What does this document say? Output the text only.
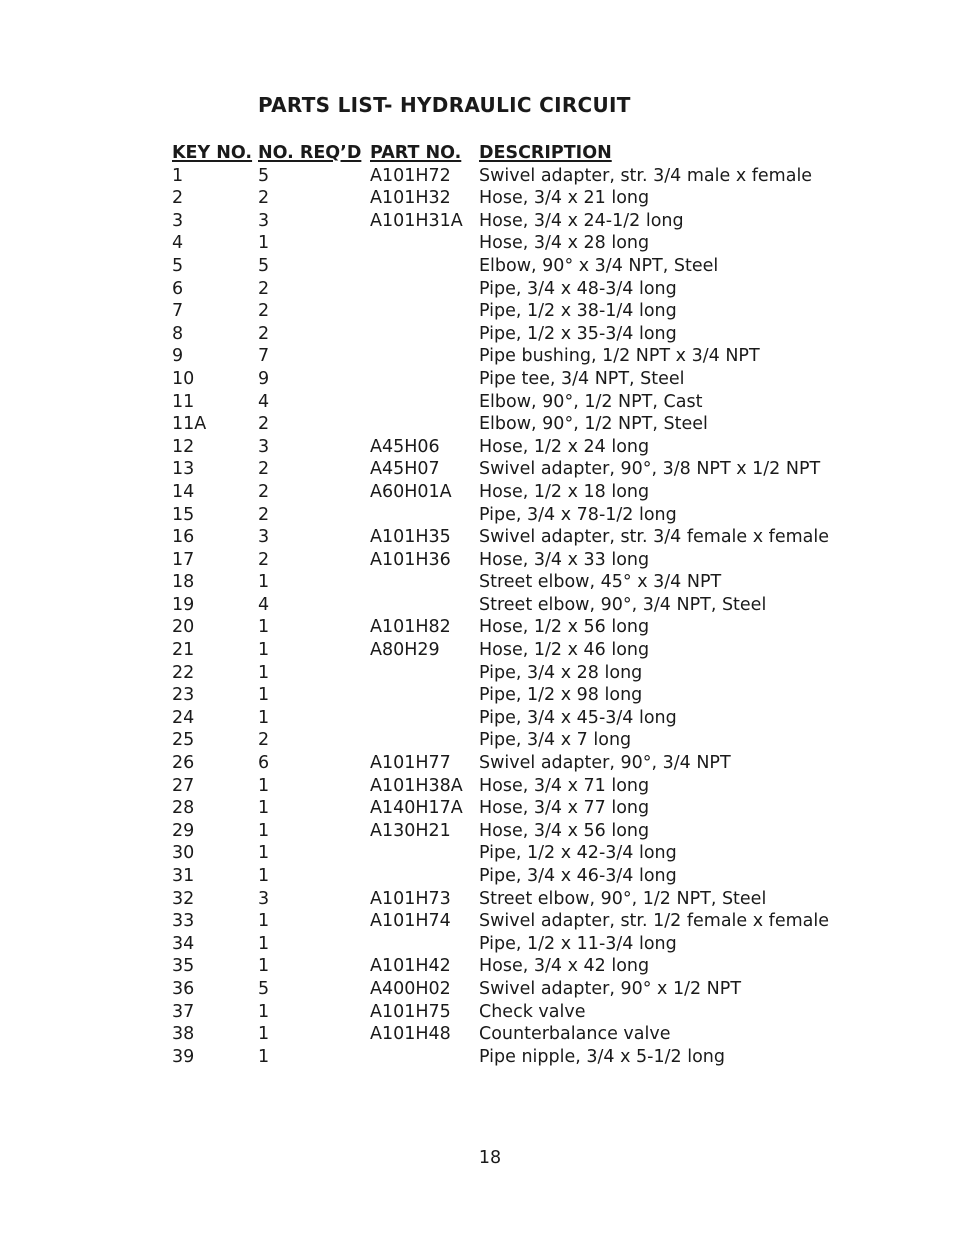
PARTS LIST- HYDRAULIC CIRCUIT
KEY NO.	NO. REQ’D	PART NO.	DESCRIPTION
1	5	A101H72	Swivel adapter, str. 3/4 male x female
2	2	A101H32	Hose, 3/4 x 21 long
3	3	A101H31A	Hose, 3/4 x 24-1/2 long
4	1		Hose, 3/4 x 28 long
5	5		Elbow, 90° x 3/4 NPT, Steel
6	2		Pipe, 3/4 x 48-3/4 long
7	2		Pipe, 1/2 x 38-1/4 long
8	2		Pipe, 1/2 x 35-3/4 long
9	7		Pipe bushing, 1/2 NPT x 3/4 NPT
10	9		Pipe tee, 3/4 NPT, Steel
11	4		Elbow, 90°, 1/2 NPT, Cast
11A	2		Elbow, 90°, 1/2 NPT, Steel
12	3	A45H06	Hose, 1/2 x 24 long
13	2	A45H07	Swivel adapter, 90°, 3/8 NPT x 1/2 NPT
14	2	A60H01A	Hose, 1/2 x 18 long
15	2		Pipe, 3/4 x 78-1/2 long
16	3	A101H35	Swivel adapter, str. 3/4 female x female
17	2	A101H36	Hose, 3/4 x 33 long
18	1		Street elbow, 45° x 3/4 NPT
19	4		Street elbow, 90°, 3/4 NPT, Steel
20	1	A101H82	Hose, 1/2 x 56 long
21	1	A80H29	Hose, 1/2 x 46 long
22	1		Pipe, 3/4 x 28 long
23	1		Pipe, 1/2 x 98 long
24	1		Pipe, 3/4 x 45-3/4 long
25	2		Pipe, 3/4 x 7 long
26	6	A101H77	Swivel adapter, 90°, 3/4 NPT
27	1	A101H38A	Hose, 3/4 x 71 long
28	1	A140H17A	Hose, 3/4 x 77 long
29	1	A130H21	Hose, 3/4 x 56 long
30	1		Pipe, 1/2 x 42-3/4 long
31	1		Pipe, 3/4 x 46-3/4 long
32	3	A101H73	Street elbow, 90°, 1/2 NPT, Steel
33	1	A101H74	Swivel adapter, str. 1/2 female x female
34	1		Pipe, 1/2 x 11-3/4 long
35	1	A101H42	Hose, 3/4 x 42 long
36	5	A400H02	Swivel adapter, 90° x 1/2 NPT
37	1	A101H75	Check valve
38	1	A101H48	Counterbalance valve
39	1		Pipe nipple, 3/4 x 5-1/2 long
18
